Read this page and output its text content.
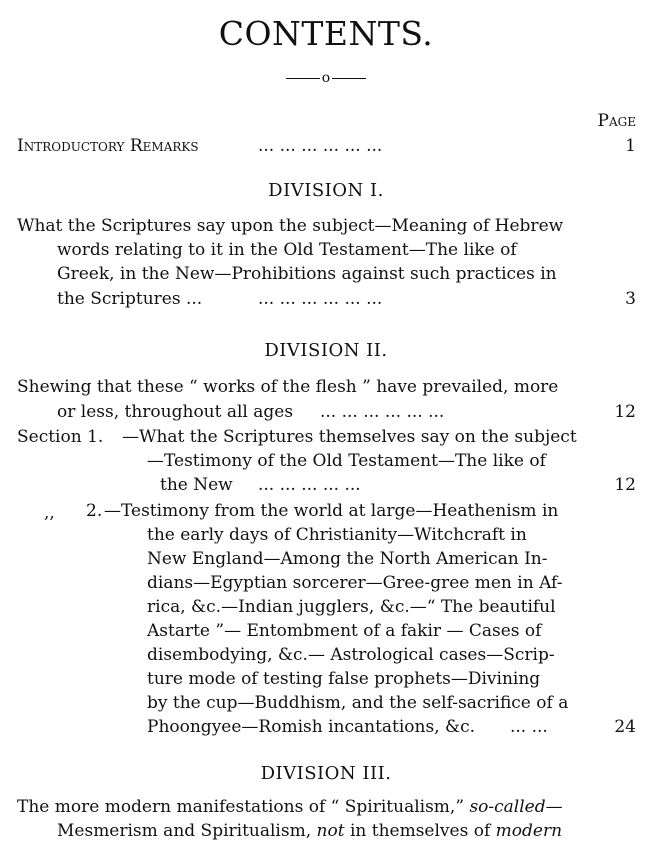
CONTENTS.
o
Page
Introductory Remarks	... ... ... ... ... ...	1
DIVISION I.
What the Scriptures say upon the subject—Meaning of Hebrew
words relating to it in the Old Testament—The like of
Greek, in the New—Prohibitions against such practices in
the Scriptures ...	... ... ... ... ... ...	3
DIVISION II.
Shewing that these “ works of the flesh ” have prevailed, more
or less, throughout all ages ... ... ... ... ... ...	12
Section 1. —What the Scriptures themselves say on the subject
—Testimony of the Old Testament—The like of
the New ... ... ... ... ...	12
,, 2. —Testimony from the world at large—Heathenism in
the early days of Christianity—Witchcraft in
New England—Among the North American In-
dians—Egyptian sorcerer—Gree-gree men in Af-
rica, &c.—Indian jugglers, &c.—“ The beautiful
Astarte ”— Entombment of a fakir — Cases of
disembodying, &c.— Astrological cases—Scrip-
ture mode of testing false prophets—Divining
by the cup—Buddhism, and the self-sacrifice of a
Phoongyee—Romish incantations, &c. ... ...	24
DIVISION III.
The more modern manifestations of “ Spiritualism,” so-called—
Mesmerism and Spiritualism, not in themselves of modern
